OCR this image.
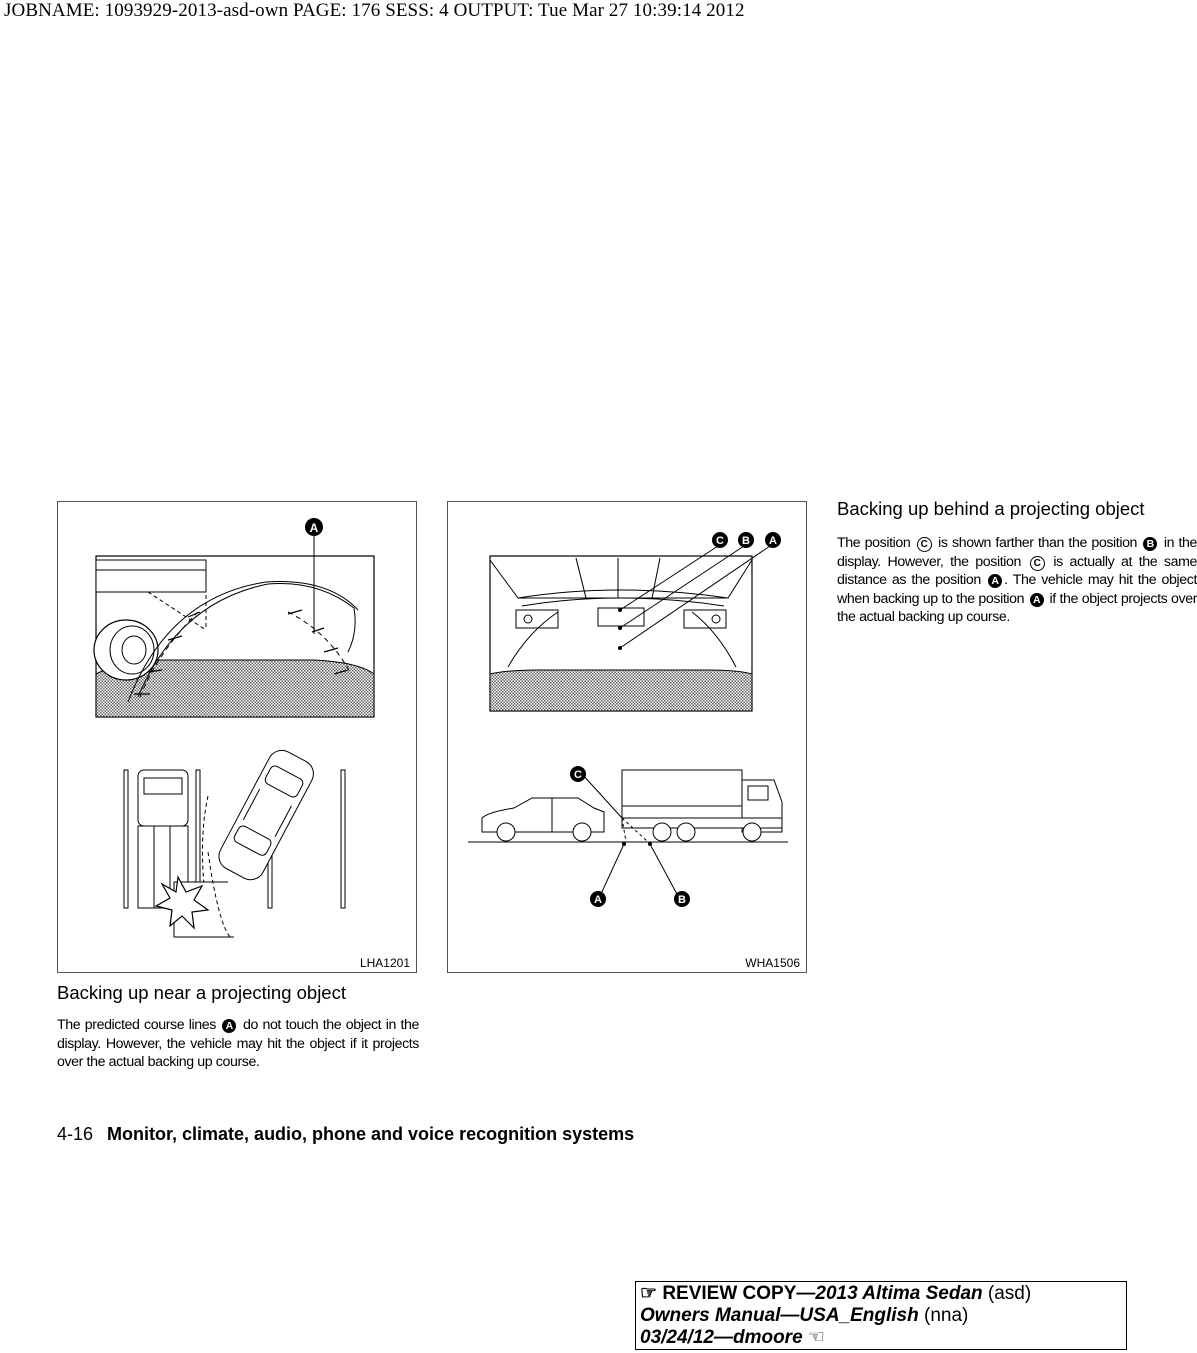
JOBNAME: 1093929-2013-asd-own PAGE: 176 SESS: 4 OUTPUT: Tue Mar 27 10:39:14 2012
A
LHA1201
C B A
C
A	B
WHA1506
Backing up near a projecting object
The predicted course lines A do not touch the object in the display. However, the vehicle may hit the object if it projects over the actual backing up course.
Backing up behind a projecting object
The position C is shown farther than the position B in the display. However, the position C is actually at the same distance as the position A . The vehicle may hit the object when backing up to the position A if the object projects over the actual backing up course.
4-16 Monitor, climate, audio, phone and voice recognition systems
☞ REVIEW COPY—2013 Altima Sedan (asd)
Owners Manual—USA_English (nna)
03/24/12—dmoore ☜
